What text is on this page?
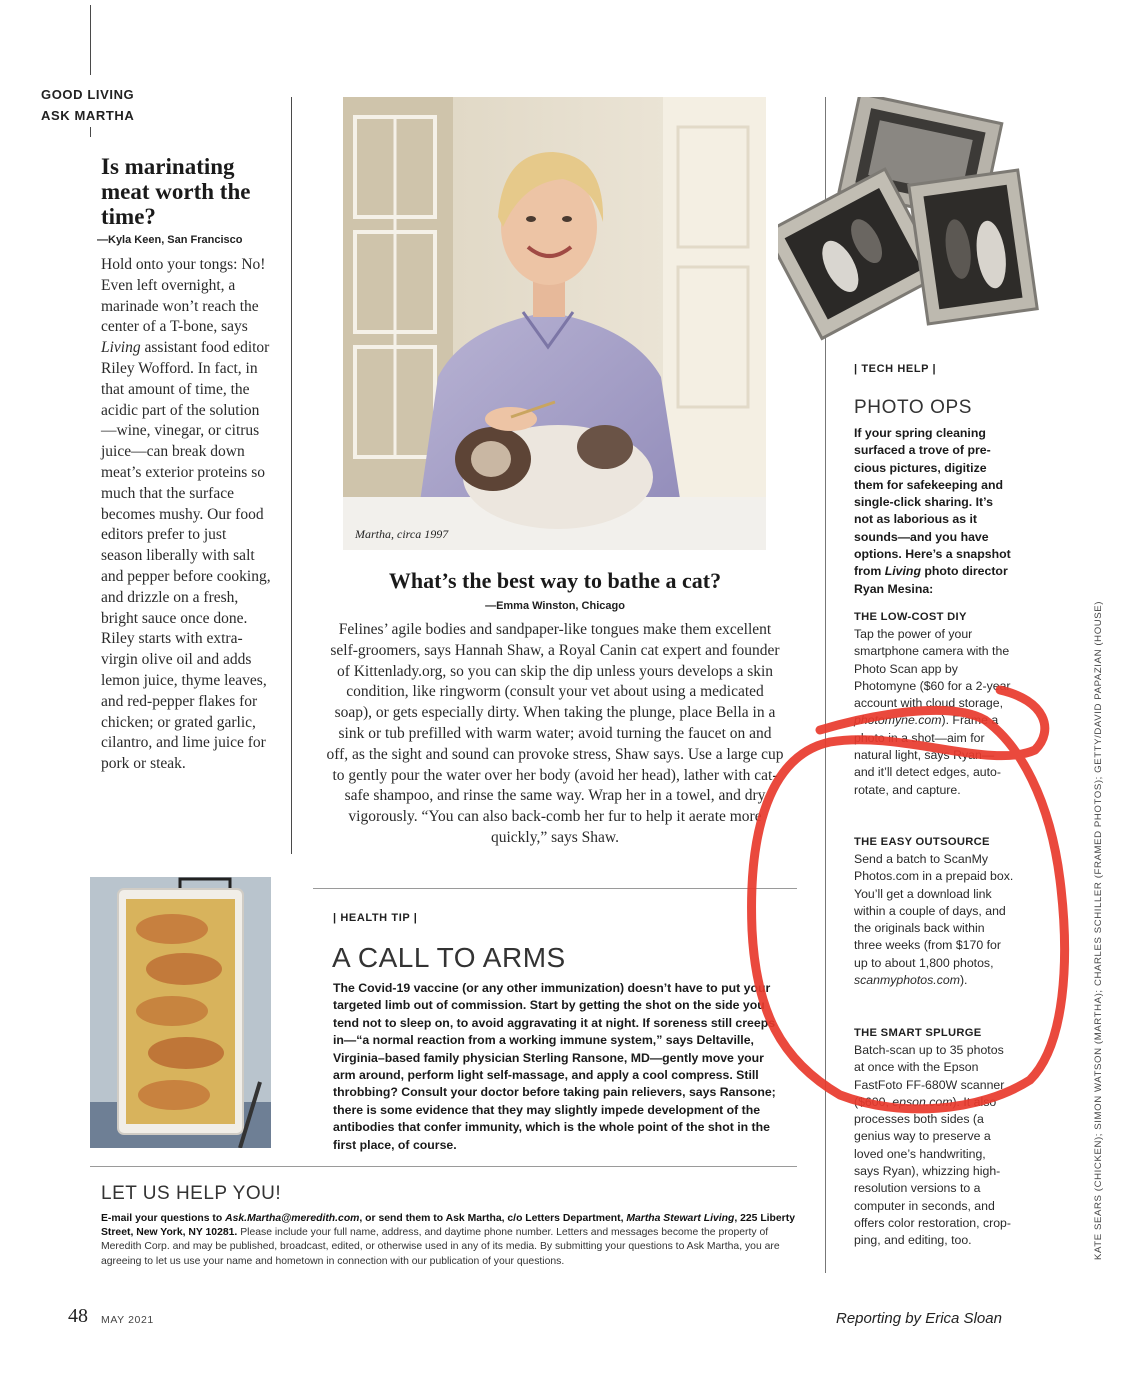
GOOD LIVING
ASK MARTHA
Is marinating meat worth the time?
—Kyla Keen, San Francisco
Hold onto your tongs: No! Even left overnight, a marinade won’t reach the center of a T-bone, says Living assistant food editor Riley Wofford. In fact, in that amount of time, the acidic part of the solution—wine, vinegar, or citrus juice—can break down meat’s exterior proteins so much that the surface becomes mushy. Our food editors prefer to just season liberally with salt and pepper before cooking, and drizzle on a fresh, bright sauce once done. Riley starts with extra-virgin olive oil and adds lemon juice, thyme leaves, and red-pepper flakes for chicken; or grated garlic, cilantro, and lime juice for pork or steak.
Martha, circa 1997
What’s the best way to bathe a cat?
—Emma Winston, Chicago
Felines’ agile bodies and sandpaper-like tongues make them excellent self-groomers, says Hannah Shaw, a Royal Canin cat expert and founder of Kittenlady.org, so you can skip the dip unless yours develops a skin condition, like ringworm (consult your vet about using a medicated soap), or gets especially dirty. When taking the plunge, place Bella in a sink or tub prefilled with warm water; avoid turning the faucet on and off, as the sight and sound can provoke stress, Shaw says. Use a large cup to gently pour the water over her body (avoid her head), lather with cat-safe shampoo, and rinse the same way. Wrap her in a towel, and dry vigorously. “You can also back-comb her fur to help it aerate more quickly,” says Shaw.
| HEALTH TIP |
A CALL TO ARMS
The Covid-19 vaccine (or any other immunization) doesn’t have to put your targeted limb out of commission. Start by getting the shot on the side you tend not to sleep on, to avoid aggravating it at night. If soreness still creeps in—“a normal reaction from a working immune system,” says Deltaville, Virginia–based family physician Sterling Ransone, MD—gently move your arm around, perform light self-massage, and apply a cool compress. Still throbbing? Consult your doctor before taking pain relievers, says Ransone; there is some evidence that they may slightly impede development of the antibodies that confer immunity, which is the whole point of the shot in the first place, of course.
LET US HELP YOU!
E-mail your questions to Ask.Martha@meredith.com, or send them to Ask Martha, c/o Letters Department, Martha Stewart Living, 225 Liberty Street, New York, NY 10281. Please include your full name, address, and daytime phone number. Letters and messages become the property of Meredith Corp. and may be published, broadcast, edited, or otherwise used in any of its media. By submitting your questions to Ask Martha, you are agreeing to let us use your name and hometown in connection with our publication of your questions.
| TECH HELP |
PHOTO OPS
If your spring cleaning surfaced a trove of precious pictures, digitize them for safekeeping and single-click sharing. It’s not as laborious as it sounds—and you have options. Here’s a snapshot from Living photo director Ryan Mesina:
THE LOW-COST DIY
Tap the power of your smartphone camera with the Photo Scan app by Photomyne ($60 for a 2-year account with cloud storage, photomyne.com). Frame a photo in a shot—aim for natural light, says Ryan—and it’ll detect edges, autorotate, and capture.
THE EASY OUTSOURCE
Send a batch to ScanMy Photos.com in a prepaid box. You’ll get a download link within a couple of days, and the originals back within three weeks (from $170 for up to about 1,800 photos, scanmyphotos.com).
THE SMART SPLURGE
Batch-scan up to 35 photos at once with the Epson FastFoto FF-680W scanner ($600, epson.com). It also processes both sides (a genius way to preserve a loved one’s handwriting, says Ryan), whizzing high-resolution versions to a computer in seconds, and offers color restoration, cropping, and editing, too.	KATE SEARS (CHICKEN); SIMON WATSON (MARTHA); CHARLES SCHILLER (FRAMED PHOTOS); GETTY/DAVID PAPAZIAN (HOUSE)
48 MAY 2021	Reporting by Erica Sloan
